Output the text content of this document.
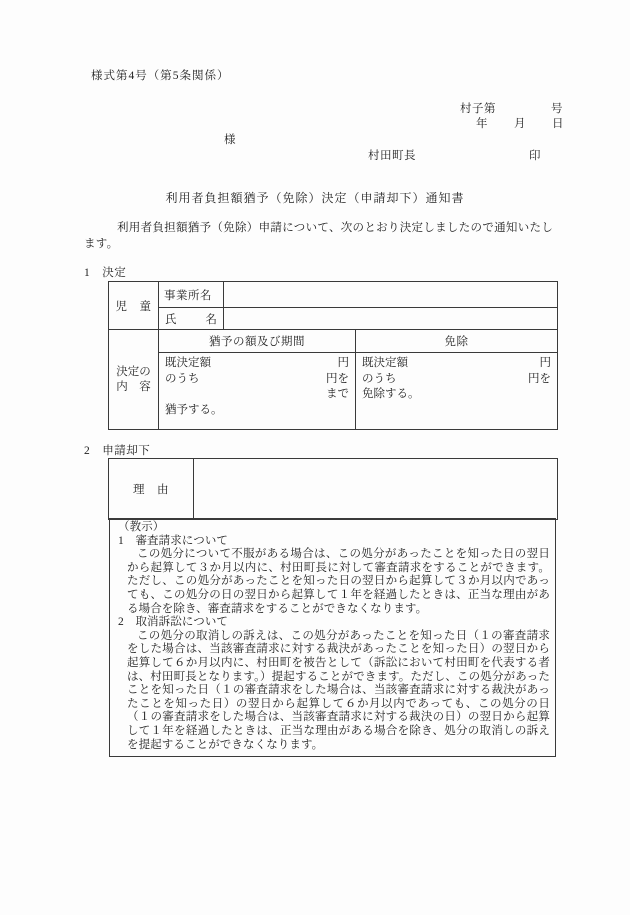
様式第4号（第5条関係）
村子第	号
年 月 日
様
村田町長	印
利用者負担額猶予（免除）決定（申請却下）通知書

利用者負担額猶予（免除）申請について、次のとおり決定しましたので通知いたします。

1　決定
児　童	事業所名		

	氏 名		

決定の
内　容	猶予の額及び期間		免除

既決定額	円
のうち	円を
まで
猶予する。

既決定額	円
のうち	円を
免除する。
2　申請却下
理　由	
（教示）
1　審査請求について

この処分について不服がある場合は、この処分があったことを知った日の翌日から起算して３か月以内に、村田町長に対して審査請求をすることができます。ただし、この処分があったことを知った日の翌日から起算して３か月以内であっても、この処分の日の翌日から起算して１年を経過したときは、正当な理由がある場合を除き、審査請求をすることができなくなります。

2　取消訴訟について

この処分の取消しの訴えは、この処分があったことを知った日（１の審査請求をした場合は、当該審査請求に対する裁決があったことを知った日）の翌日から起算して６か月以内に、村田町を被告として（訴訟において村田町を代表する者は、村田町長となります。）提起することができます。ただし、この処分があったことを知った日（１の審査請求をした場合は、当該審査請求に対する裁決があったことを知った日）の翌日から起算して６か月以内であっても、この処分の日（１の審査請求をした場合は、当該審査請求に対する裁決の日）の翌日から起算して１年を経過したときは、正当な理由がある場合を除き、処分の取消しの訴えを提起することができなくなります。
